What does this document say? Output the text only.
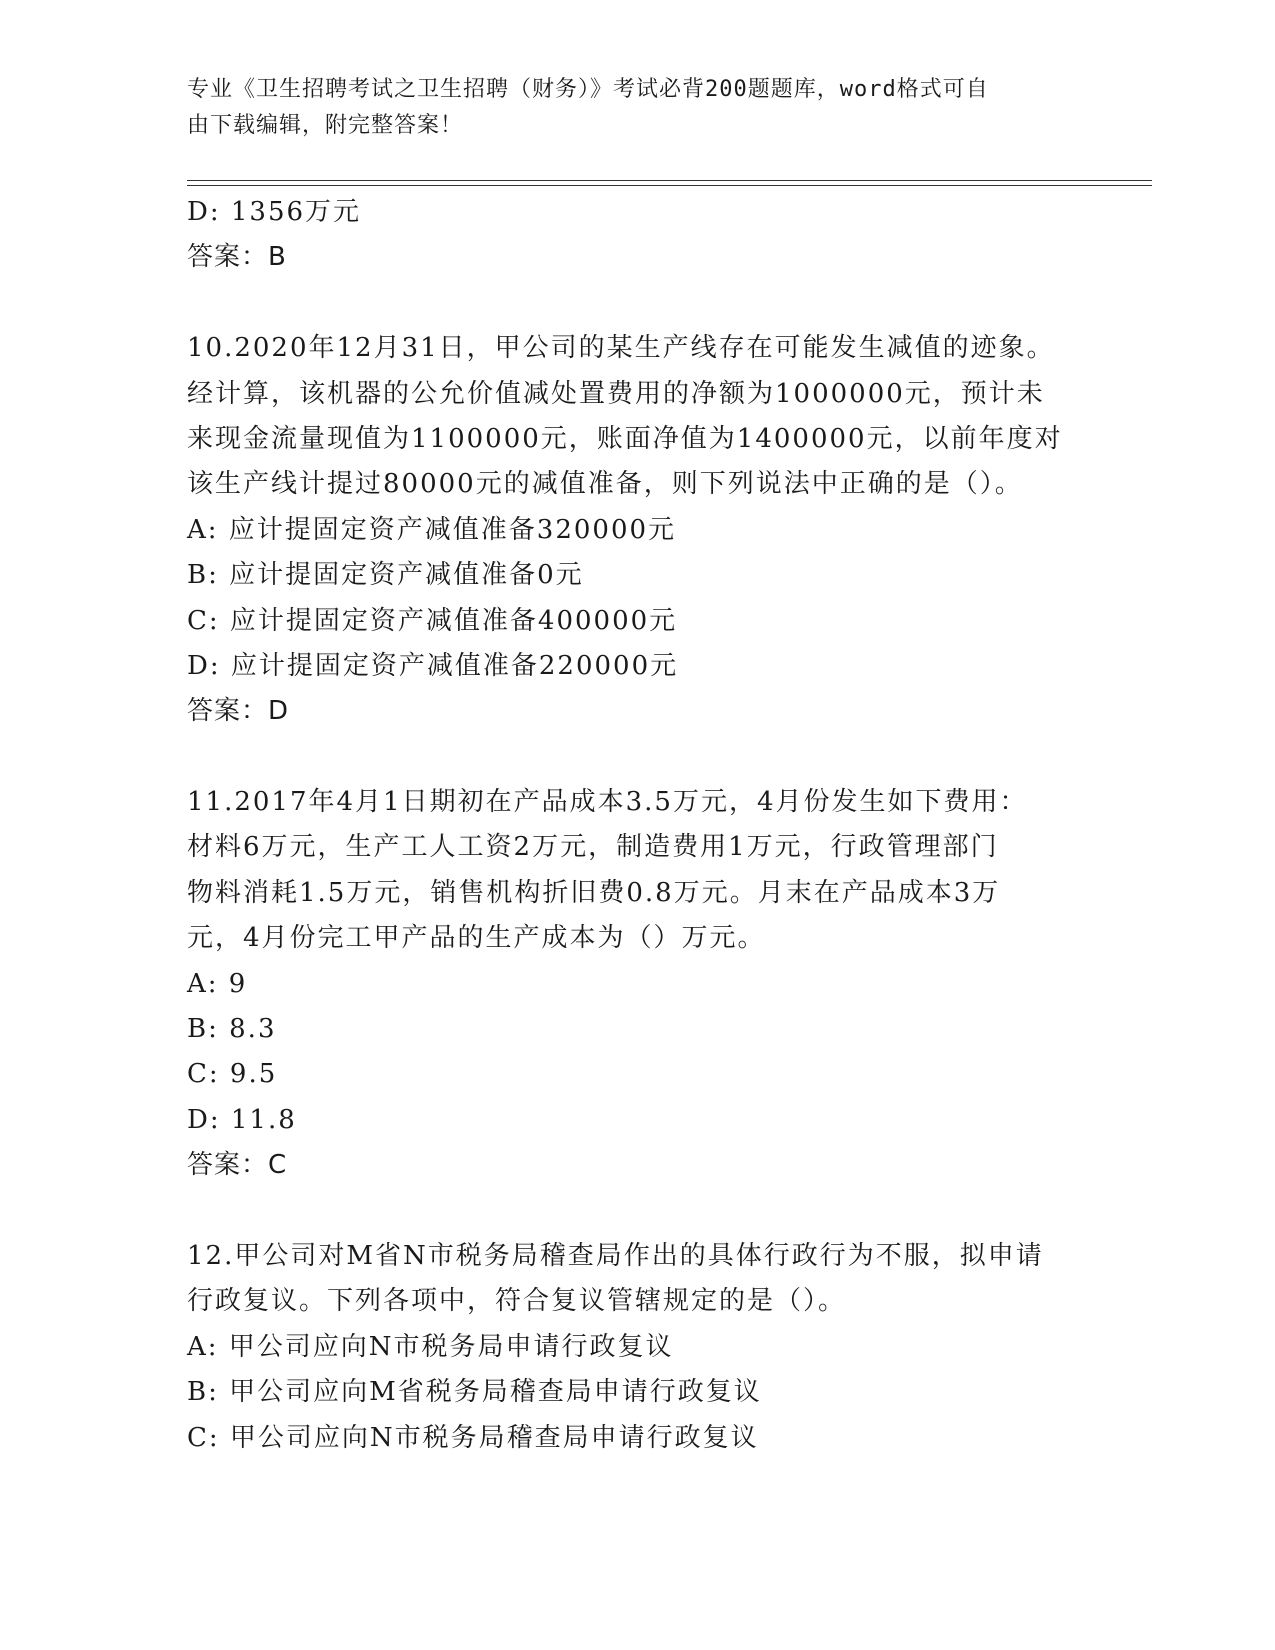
专业《卫生招聘考试之卫生招聘（财务）》考试必背200题题库，word格式可自
由下载编辑，附完整答案！
D: 1356万元
答案：B
10.2020年12月31日，甲公司的某生产线存在可能发生减值的迹象。
经计算，该机器的公允价值减处置费用的净额为1000000元，预计未
来现金流量现值为1100000元，账面净值为1400000元，以前年度对
该生产线计提过80000元的减值准备，则下列说法中正确的是（）。
A: 应计提固定资产减值准备320000元
B: 应计提固定资产减值准备0元
C: 应计提固定资产减值准备400000元
D: 应计提固定资产减值准备220000元
答案：D
11.2017年4月1日期初在产品成本3.5万元，4月份发生如下费用：
材料6万元，生产工人工资2万元，制造费用1万元，行政管理部门
物料消耗1.5万元，销售机构折旧费0.8万元。月末在产品成本3万
元，4月份完工甲产品的生产成本为（）万元。
A: 9
B: 8.3
C: 9.5
D: 11.8
答案：C
12.甲公司对M省N市税务局稽查局作出的具体行政行为不服，拟申请
行政复议。下列各项中，符合复议管辖规定的是（）。
A: 甲公司应向N市税务局申请行政复议
B: 甲公司应向M省税务局稽查局申请行政复议
C: 甲公司应向N市税务局稽查局申请行政复议
